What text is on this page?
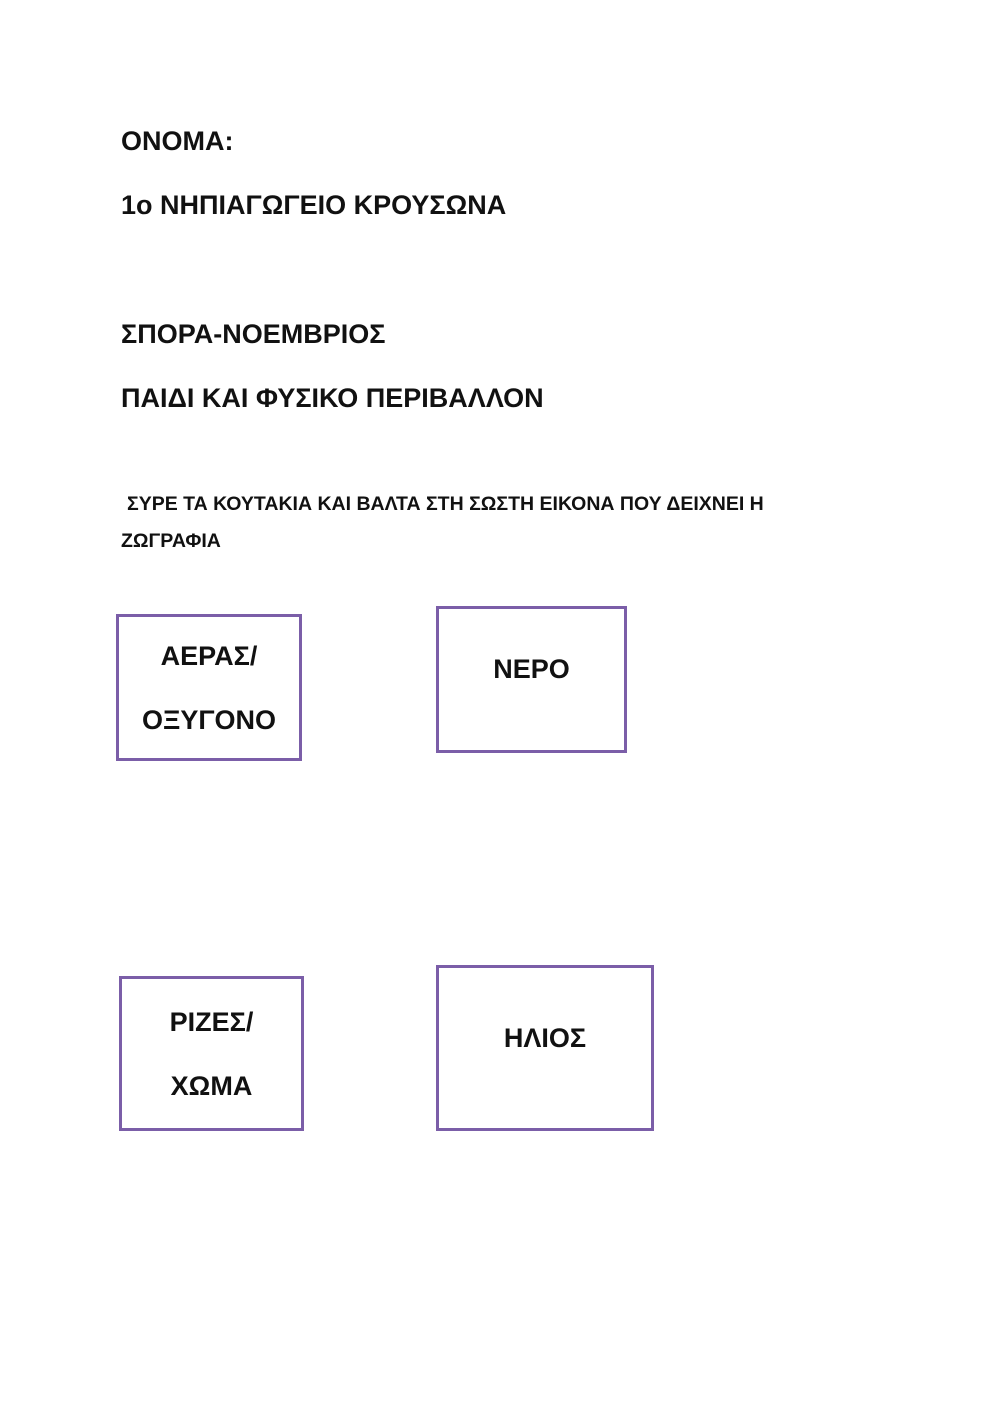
ΟΝΟΜΑ:
1ο ΝΗΠΙΑΓΩΓΕΙΟ ΚΡΟΥΣΩΝΑ
ΣΠΟΡΑ-ΝΟΕΜΒΡΙΟΣ
ΠΑΙΔΙ ΚΑΙ ΦΥΣΙΚΟ ΠΕΡΙΒΑΛΛΟΝ
ΣΥΡΕ ΤΑ ΚΟΥΤΑΚΙΑ ΚΑΙ ΒΑΛΤΑ ΣΤΗ ΣΩΣΤΗ ΕΙΚΟΝΑ ΠΟΥ ΔΕΙΧΝΕΙ Η
ΖΩΓΡΑΦΙΑ
ΑΕΡΑΣ/
ΟΞΥΓΟΝΟ
ΝΕΡΟ
ΡΙΖΕΣ/
ΧΩΜΑ
ΗΛΙΟΣ
